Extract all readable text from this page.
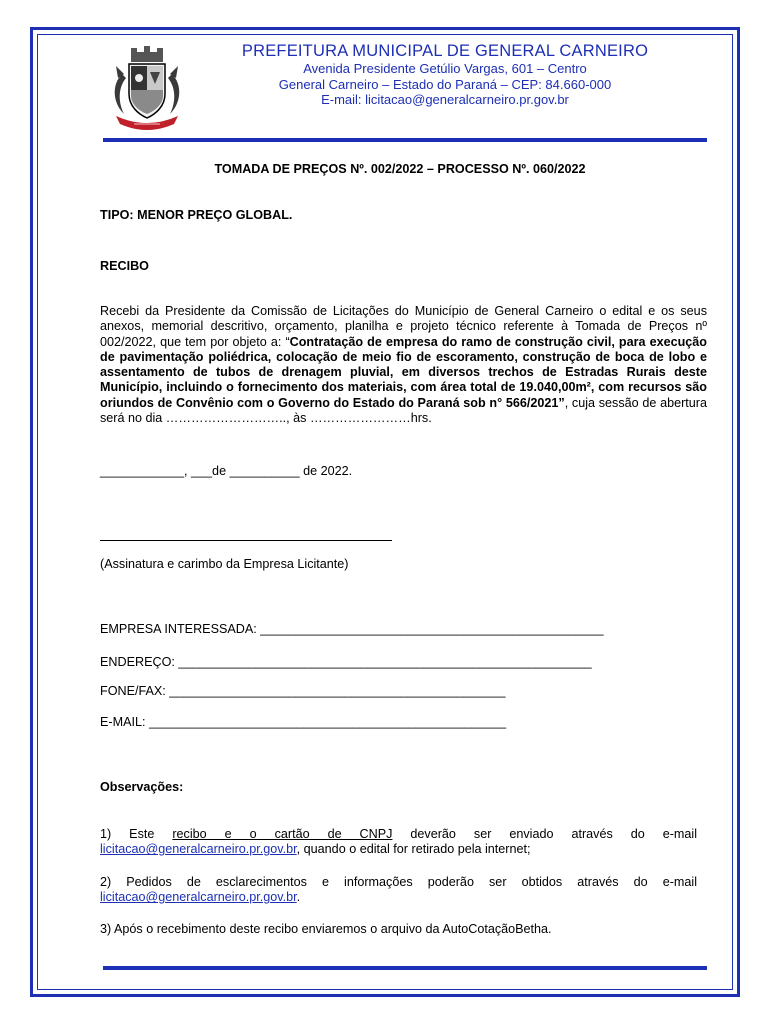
PREFEITURA MUNICIPAL DE GENERAL CARNEIRO
Avenida Presidente Getúlio Vargas, 601 – Centro
General Carneiro – Estado do Paraná – CEP: 84.660-000
E-mail: licitacao@generalcarneiro.pr.gov.br
TOMADA DE PREÇOS Nº. 002/2022 – PROCESSO Nº. 060/2022
TIPO: MENOR PREÇO GLOBAL.
RECIBO
Recebi da Presidente da Comissão de Licitações do Município de General Carneiro o edital e os seus anexos, memorial descritivo, orçamento, planilha e projeto técnico referente à Tomada de Preços nº 002/2022, que tem por objeto a: “Contratação de empresa do ramo de construção civil, para execução de pavimentação poliédrica, colocação de meio fio de escoramento, construção de boca de lobo e assentamento de tubos de drenagem pluvial, em diversos trechos de Estradas Rurais deste Município, incluindo o fornecimento dos materiais, com área total de 19.040,00m², com recursos são oriundos de Convênio com o Governo do Estado do Paraná sob n° 566/2021”, cuja sessão de abertura será no dia ……………………….., às ……………………hrs.
____________, ___de __________ de 2022.
(Assinatura e carimbo da Empresa Licitante)
EMPRESA INTERESSADA: _________________________________________________
ENDEREÇO: ___________________________________________________________
FONE/FAX: ________________________________________________
E-MAIL: ___________________________________________________
Observações:
1) Este recibo e o cartão de CNPJ deverão ser enviado através do e-mail licitacao@generalcarneiro.pr.gov.br, quando o edital for retirado pela internet;
2) Pedidos de esclarecimentos e informações poderão ser obtidos através do e-mail licitacao@generalcarneiro.pr.gov.br.
3) Após o recebimento deste recibo enviaremos o arquivo da AutoCotaçãoBetha.
